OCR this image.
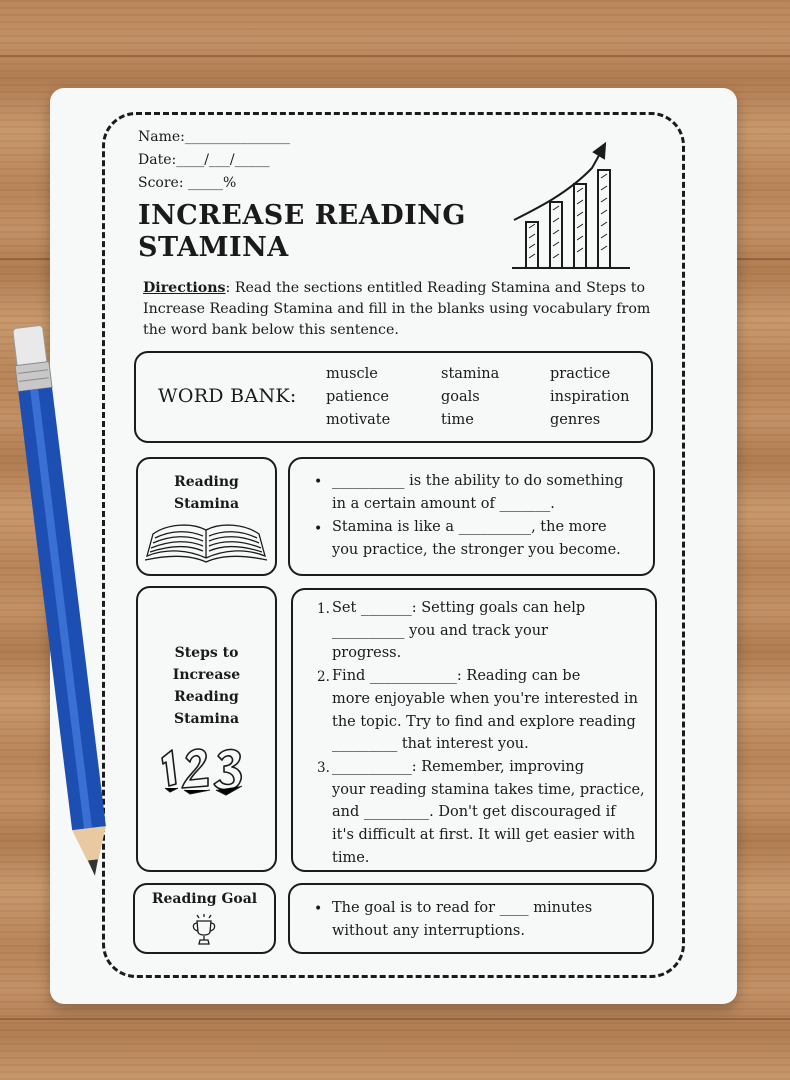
Name:_______________
Date:____/___/_____
Score: _____%
INCREASE READING
STAMINA
Directions: Read the sections entitled Reading Stamina and Steps to
Increase Reading Stamina and fill in the blanks using vocabulary from
the word bank below this sentence.
WORD BANK:
muscle	stamina	practice
patience	goals	inspiration
motivate	time	genres
Reading
Stamina
•
•
__________ is the ability to do something
in a certain amount of _______.
Stamina is like a __________, the more
you practice, the stronger you become.
Steps to
Increase
Reading
Stamina
1.
2.
3.
Set _______: Setting goals can help
__________ you and track your
progress.
Find ____________: Reading can be
more enjoyable when you're interested in
the topic. Try to find and explore reading
_________ that interest you.
___________: Remember, improving
your reading stamina takes time, practice,
and _________. Don't get discouraged if
it's difficult at first. It will get easier with
time.
Reading Goal
• The goal is to read for ____ minutes
without any interruptions.
